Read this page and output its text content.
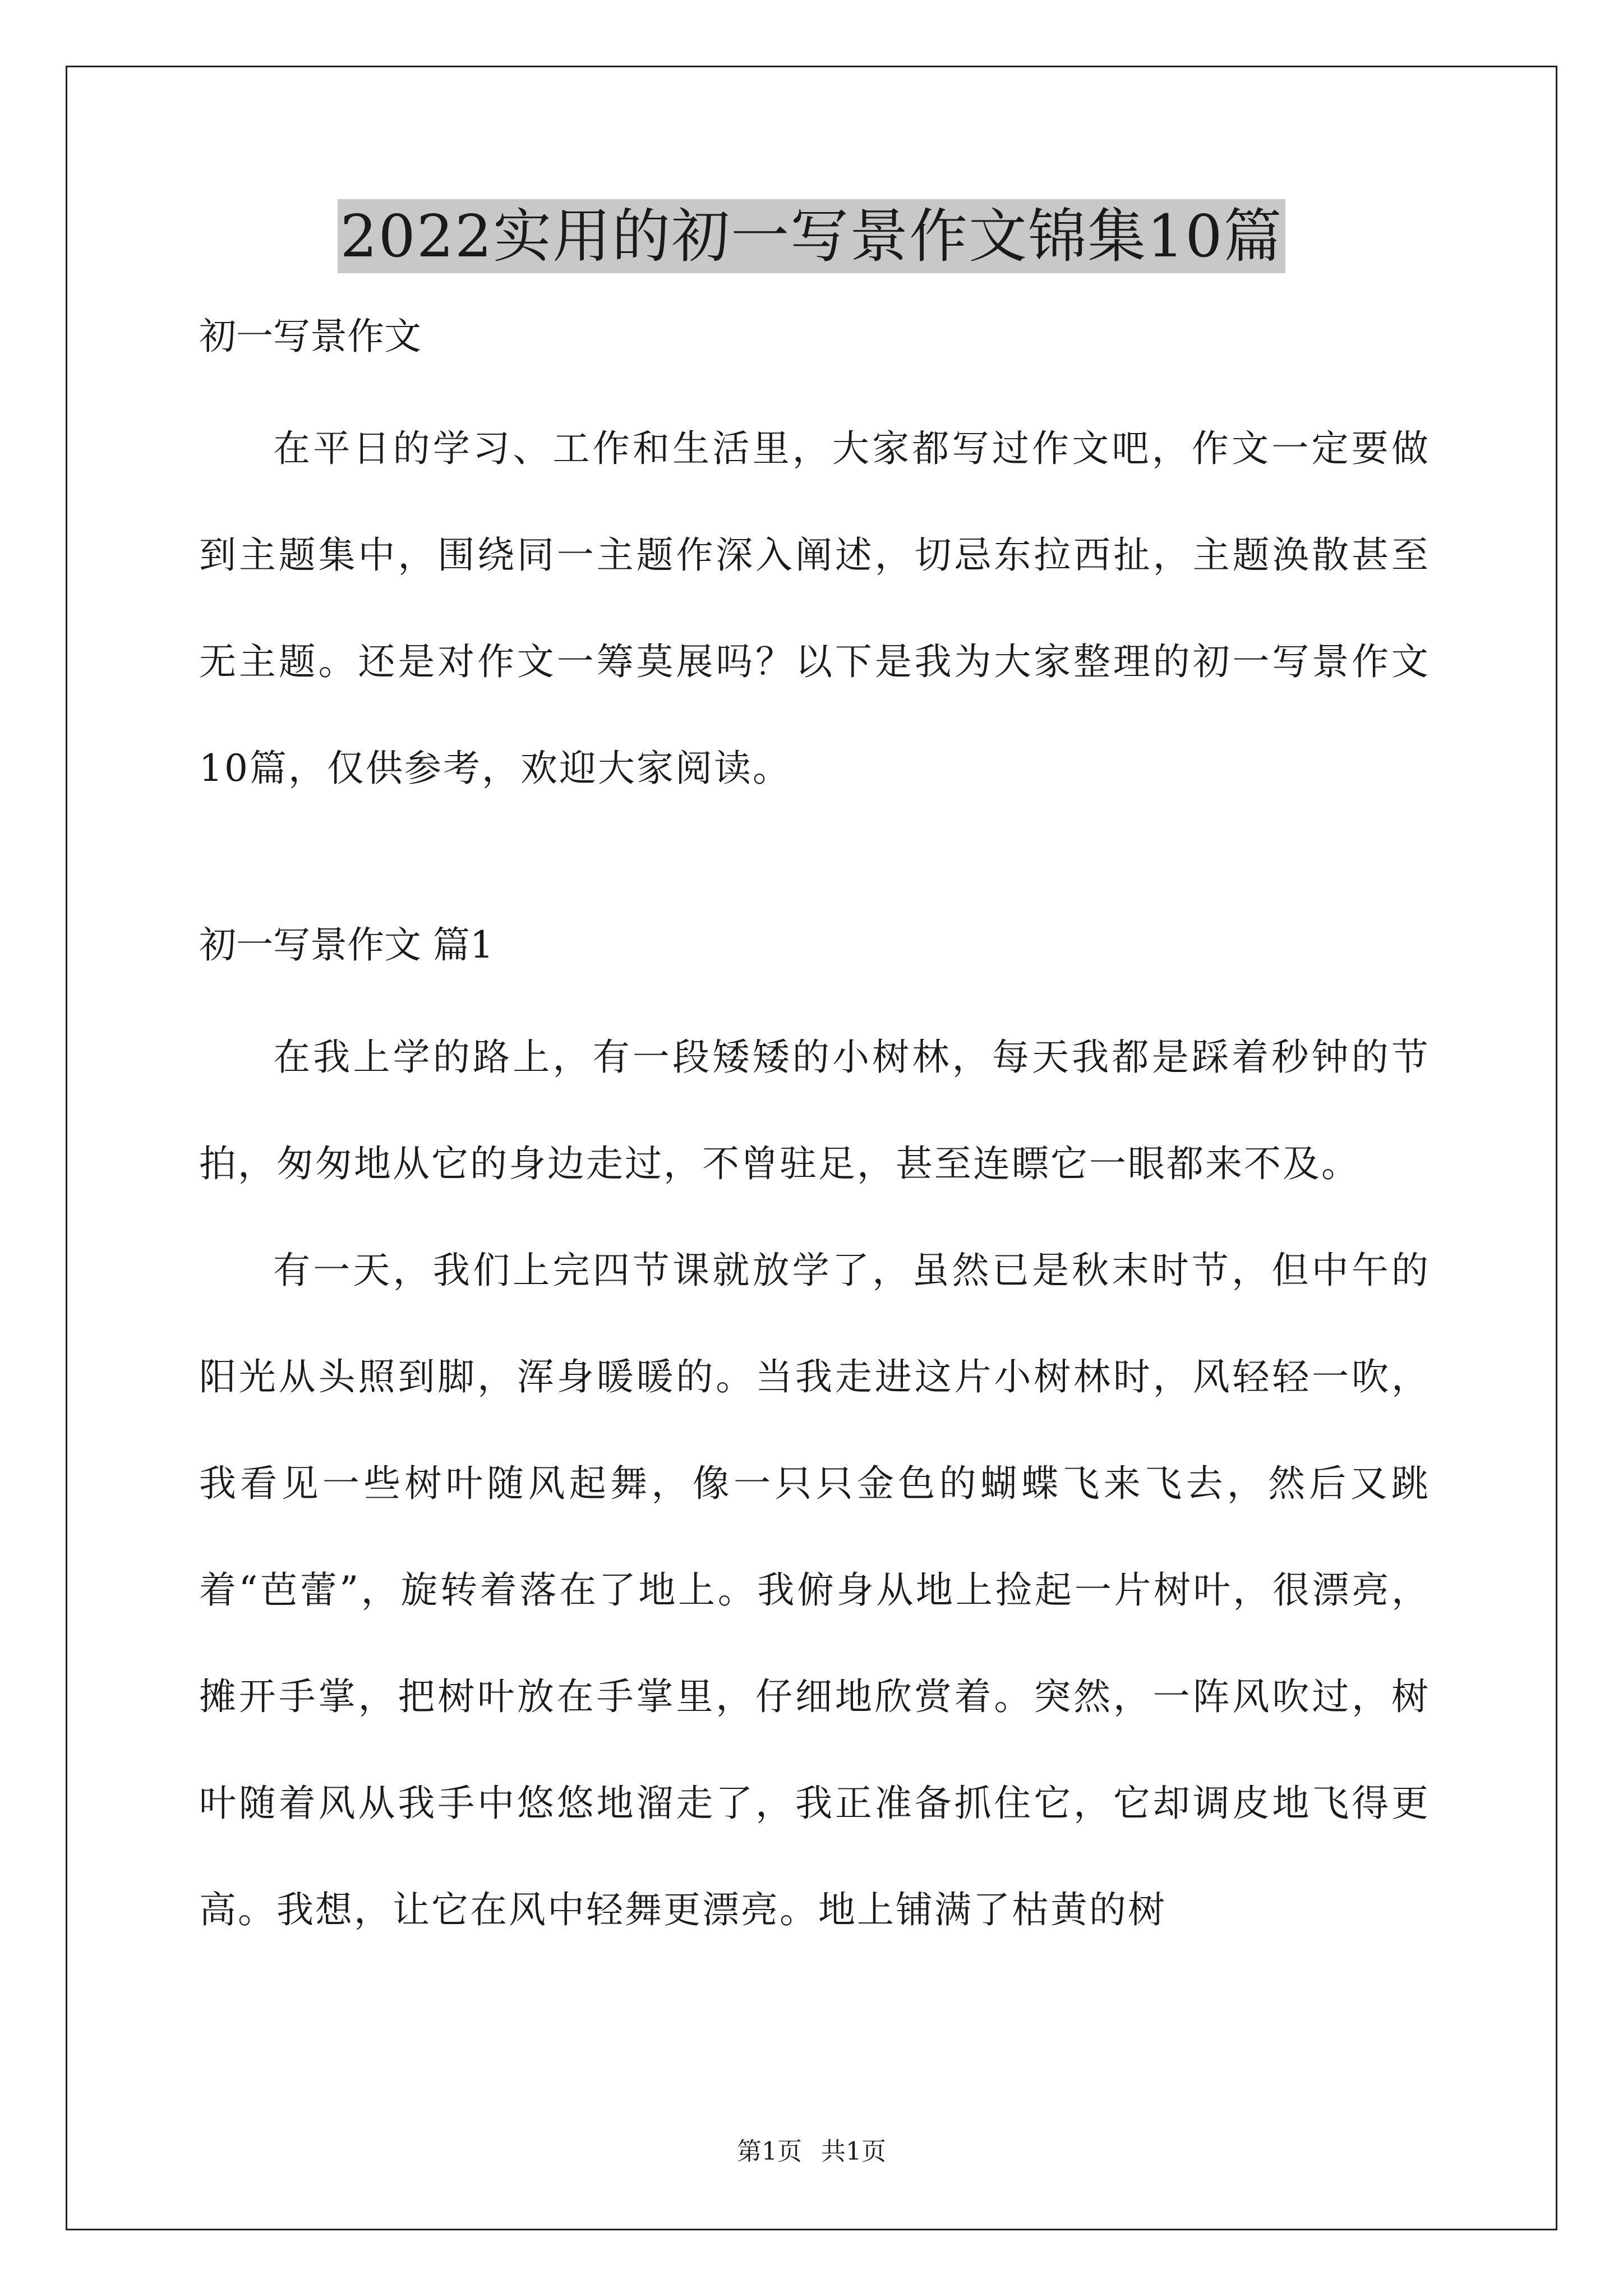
2022实用的初一写景作文锦集10篇

初一写景作文

在平日的学习、工作和生活里，大家都写过作文吧，作文一定要做到主题集中，围绕同一主题作深入阐述，切忌东拉西扯，主题涣散甚至无主题。还是对作文一筹莫展吗？以下是我为大家整理的初一写景作文10篇，仅供参考，欢迎大家阅读。

初一写景作文 篇1

在我上学的路上，有一段矮矮的小树林，每天我都是踩着秒钟的节拍，匆匆地从它的身边走过，不曾驻足，甚至连瞟它一眼都来不及。

有一天，我们上完四节课就放学了，虽然已是秋末时节，但中午的阳光从头照到脚，浑身暖暖的。当我走进这片小树林时，风轻轻一吹，我看见一些树叶随风起舞，像一只只金色的蝴蝶飞来飞去，然后又跳着“芭蕾”，旋转着落在了地上。我俯身从地上捡起一片树叶，很漂亮，摊开手掌，把树叶放在手掌里，仔细地欣赏着。突然，一阵风吹过，树叶随着风从我手中悠悠地溜走了，我正准备抓住它，它却调皮地飞得更高。我想，让它在风中轻舞更漂亮。地上铺满了枯黄的树

第1页 共1页
